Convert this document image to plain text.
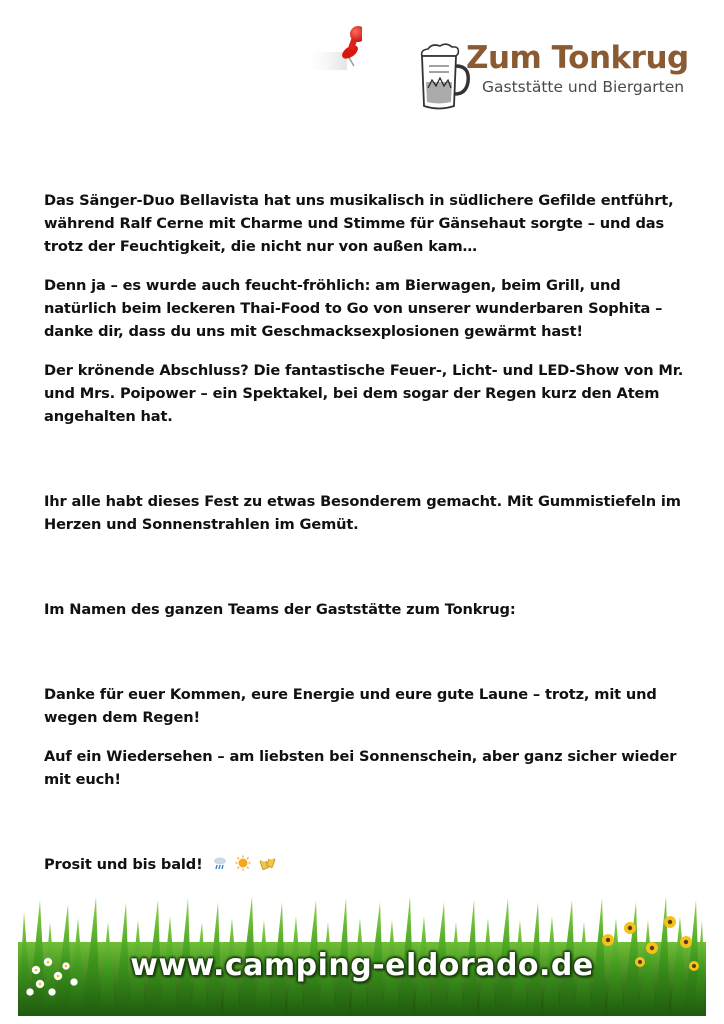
Zum Tonkrug
Gaststätte und Biergarten

Das Sänger-Duo Bellavista hat uns musikalisch in südlichere Gefilde entführt, während Ralf Cerne mit Charme und Stimme für Gänsehaut sorgte – und das trotz der Feuchtigkeit, die nicht nur von außen kam…

Denn ja – es wurde auch feucht-fröhlich: am Bierwagen, beim Grill, und natürlich beim leckeren Thai-Food to Go von unserer wunderbaren Sophita – danke dir, dass du uns mit Geschmacksexplosionen gewärmt hast!

Der krönende Abschluss? Die fantastische Feuer-, Licht- und LED-Show von Mr. und Mrs. Poipower – ein Spektakel, bei dem sogar der Regen kurz den Atem angehalten hat.

Ihr alle habt dieses Fest zu etwas Besonderem gemacht. Mit Gummistiefeln im Herzen und Sonnenstrahlen im Gemüt.

Im Namen des ganzen Teams der Gaststätte zum Tonkrug:

Danke für euer Kommen, eure Energie und eure gute Laune – trotz, mit und wegen dem Regen!

Auf ein Wiedersehen – am liebsten bei Sonnenschein, aber ganz sicher wieder mit euch!

Prosit und bis bald!

www.camping-eldorado.de
